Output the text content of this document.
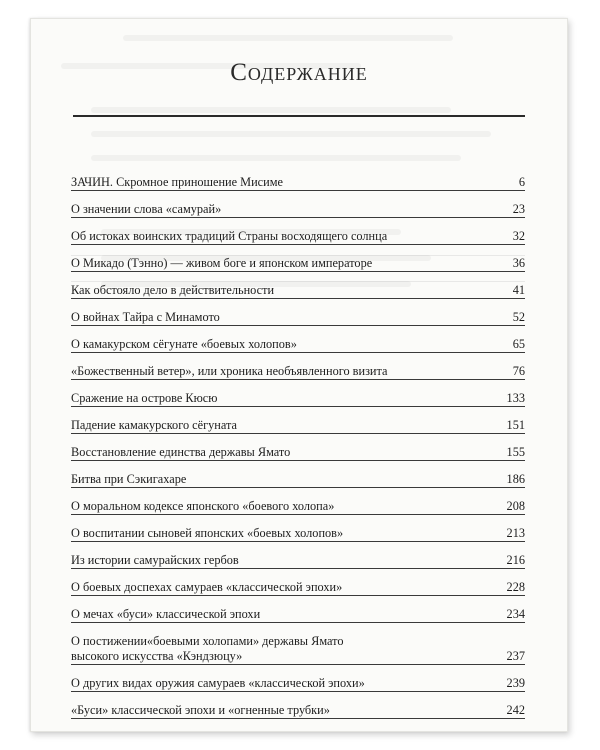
Содержание
ЗАЧИН. Скромное приношение Мисиме	6
О значении слова «самурай»	23
Об истоках воинских традиций Страны восходящего солнца	32
О Микадо (Тэнно) — живом боге и японском императоре	36
Как обстояло дело в действительности	41
О войнах Тайра с Минамото	52
О камакурском сёгунате «боевых холопов»	65
«Божественный ветер», или хроника необъявленного визита	76
Сражение на острове Кюсю	133
Падение камакурского сёгуната	151
Восстановление единства державы Ямато	155
Битва при Сэкигахаре	186
О моральном кодексе японского «боевого холопа»	208
О воспитании сыновей японских «боевых холопов»	213
Из истории самурайских гербов	216
О боевых доспехах самураев «классической эпохи»	228
О мечах «буси» классической эпохи	234
О постижении«боевыми холопами» державы Ямато
высокого искусства «Кэндзюцу»	237
О других видах оружия самураев «классической эпохи»	239
«Буси» классической эпохи и «огненные трубки»	242
